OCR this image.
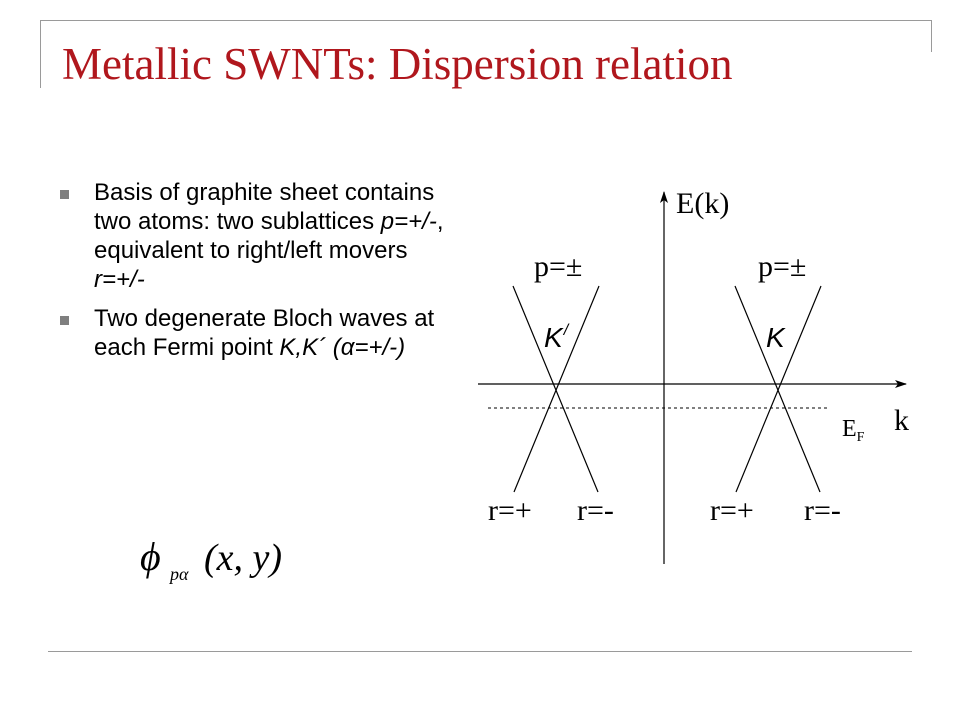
Metallic SWNTs: Dispersion relation
Basis of graphite sheet contains two atoms: two sublattices p=+/-, equivalent to right/left movers r=+/-
Two degenerate Bloch waves at each Fermi point K,K´ (α=+/-)
ϕ pα (x, y)
E(k)
k
$E_F$
p=±	p=±
K/	K
r=+ r=-	r=+ r=-
